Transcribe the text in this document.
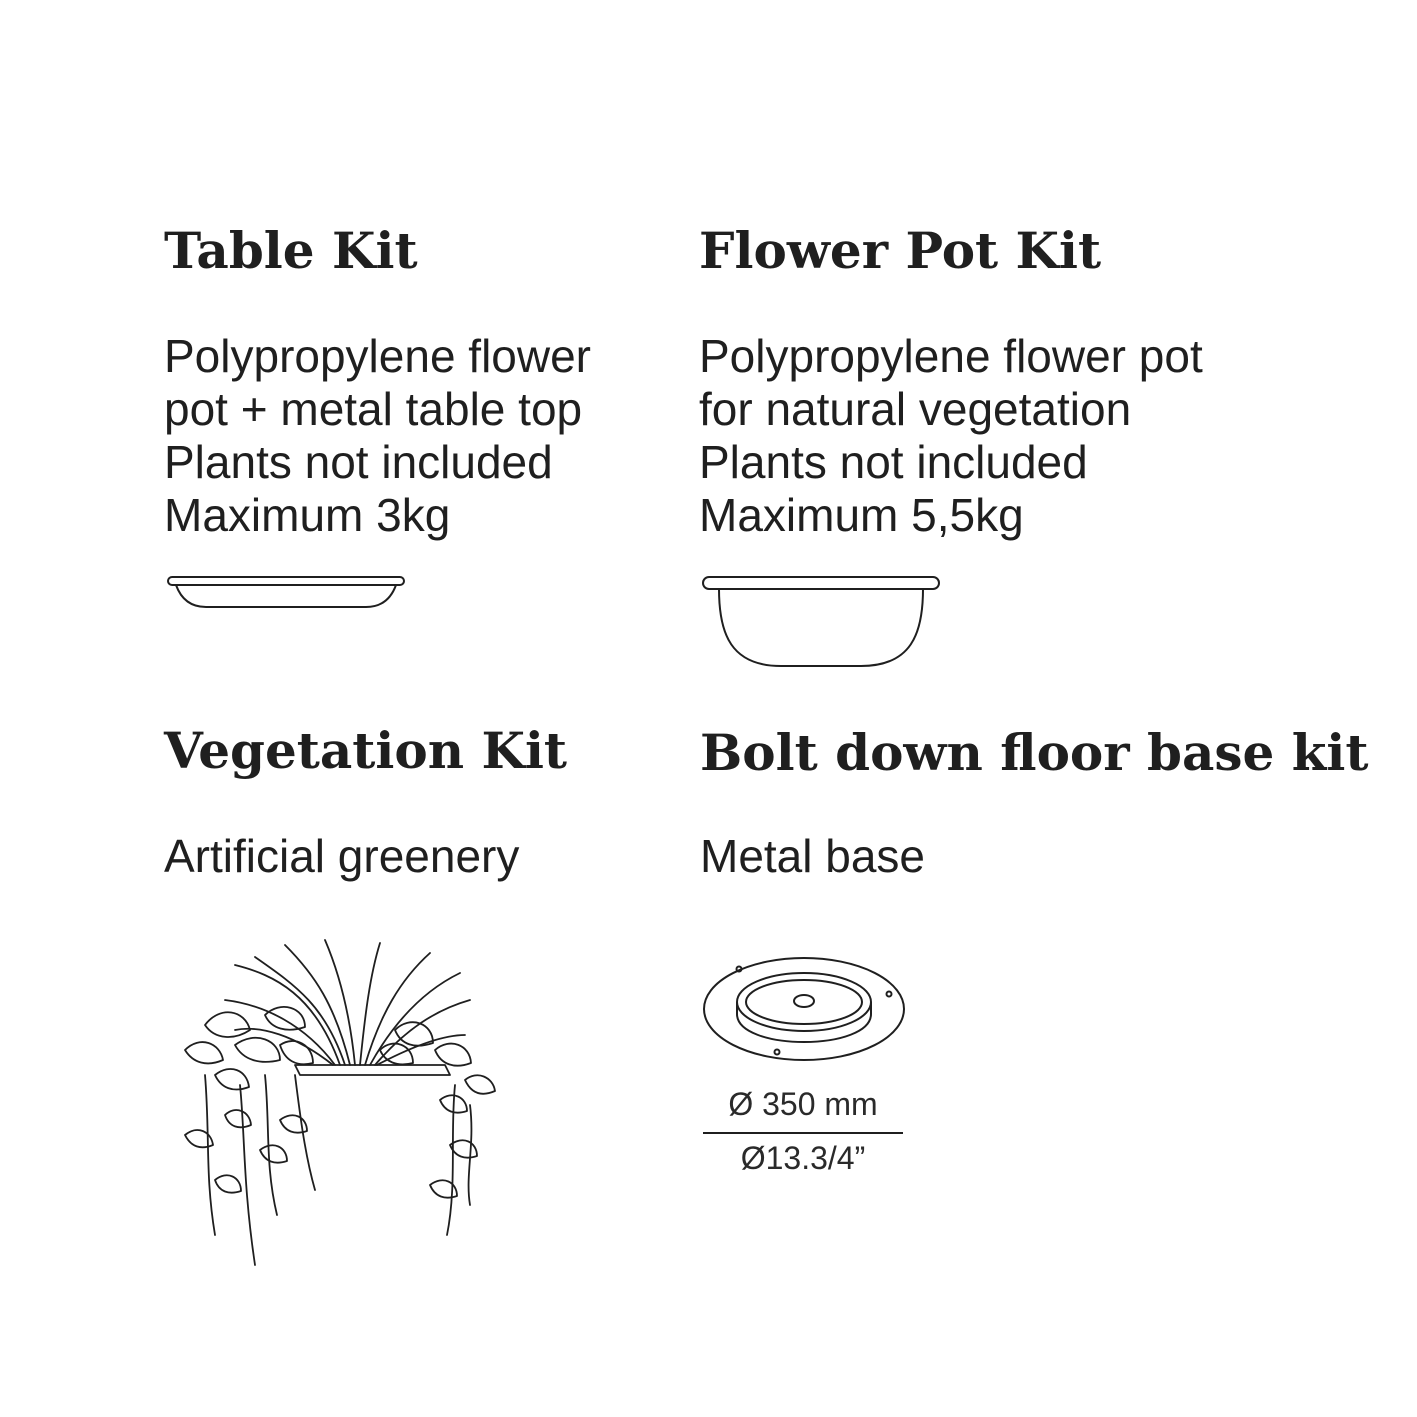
Table Kit
Polypropylene flower
pot + metal table top
Plants not included
Maximum 3kg
Flower Pot Kit
Polypropylene flower pot
for natural vegetation
Plants not included
Maximum 5,5kg
Vegetation Kit
Artificial greenery
Bolt down floor base kit
Metal base
Ø 350 mm
Ø13.3/4”
